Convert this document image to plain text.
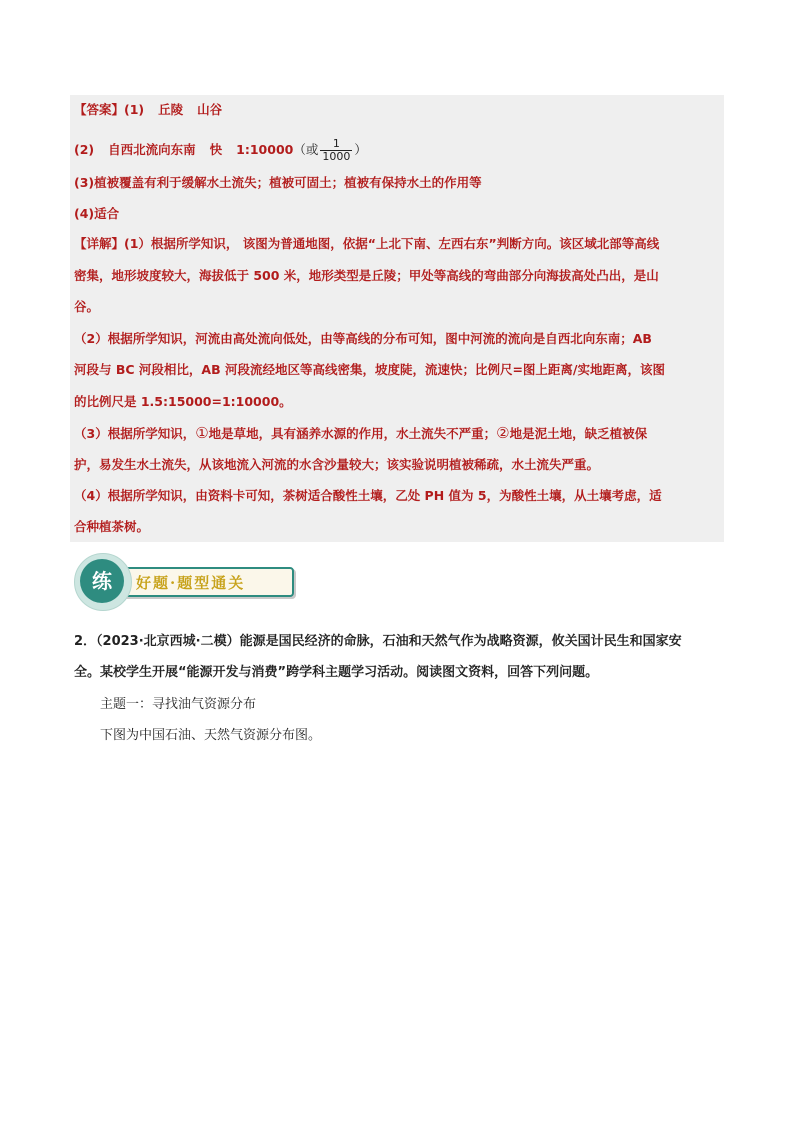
【答案】(1) 丘陵 山谷
(2) 自西北流向东南 快 1:10000（或 $\frac{1}{1000}$ ）
(3)植被覆盖有利于缓解水土流失；植被可固土；植被有保持水土的作用等
(4)适合
【详解】(1）根据所学知识， 该图为普通地图，依据“上北下南、左西右东”判断方向。该区域北部等高线
密集，地形坡度较大，海拔低于 500 米，地形类型是丘陵；甲处等高线的弯曲部分向海拔高处凸出，是山
谷。
（2）根据所学知识，河流由高处流向低处，由等高线的分布可知，图中河流的流向是自西北向东南；AB
河段与 BC 河段相比，AB 河段流经地区等高线密集，坡度陡，流速快；比例尺=图上距离/实地距离，该图
的比例尺是 1.5:15000=1:10000。
（3）根据所学知识，①地是草地，具有涵养水源的作用，水土流失不严重；②地是泥土地，缺乏植被保
护，易发生水土流失，从该地流入河流的水含沙量较大；该实验说明植被稀疏，水土流失严重。
（4）根据所学知识，由资料卡可知，茶树适合酸性土壤，乙处 PH 值为 5，为酸性土壤，从土壤考虑，适
合种植茶树。
好题·题型通关
练
2．（2023·北京西城·二模）能源是国民经济的命脉，石油和天然气作为战略资源，攸关国计民生和国家安
全。某校学生开展“能源开发与消费”跨学科主题学习活动。阅读图文资料，回答下列问题。
主题一：寻找油气资源分布
下图为中国石油、天然气资源分布图。
